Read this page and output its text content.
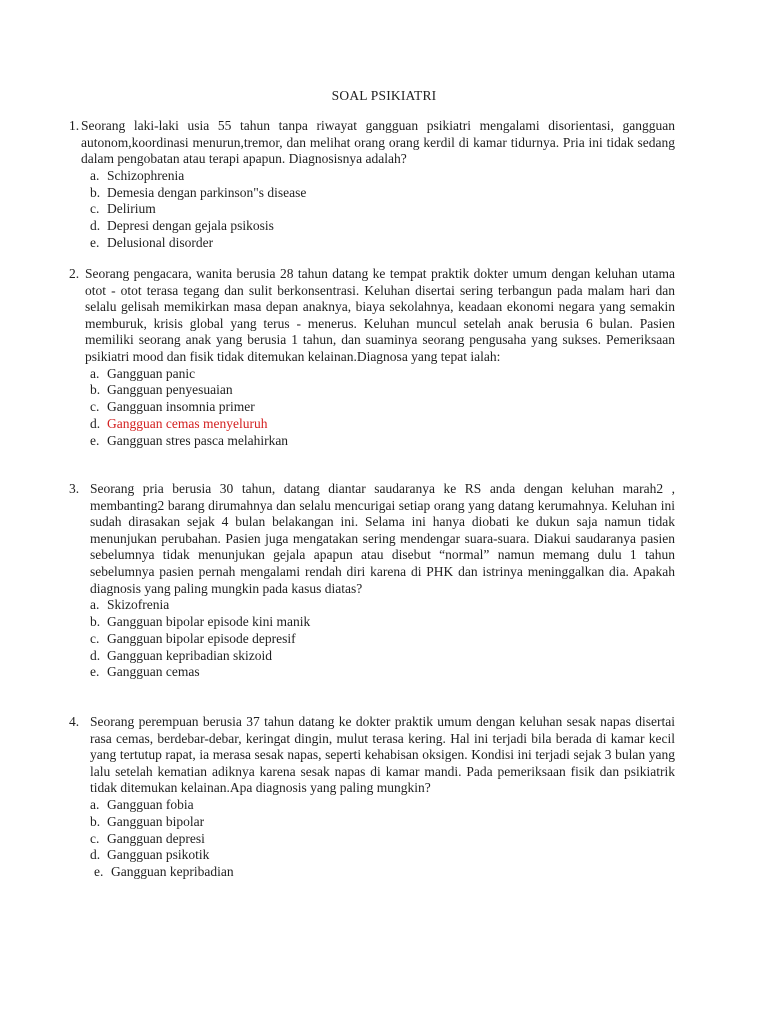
SOAL PSIKIATRI
1. Seorang laki-laki usia 55 tahun tanpa riwayat gangguan psikiatri mengalami disorientasi, gangguan autonom,koordinasi menurun,tremor, dan melihat orang orang kerdil di kamar tidurnya. Pria ini tidak sedang dalam pengobatan atau terapi apapun. Diagnosisnya adalah?
a. Schizophrenia
b. Demesia dengan parkinson"s disease
c. Delirium
d. Depresi dengan gejala psikosis
e. Delusional disorder
2. Seorang pengacara, wanita berusia 28 tahun datang ke tempat praktik dokter umum dengan keluhan utama otot - otot terasa tegang dan sulit berkonsentrasi. Keluhan disertai sering terbangun pada malam hari dan selalu gelisah memikirkan masa depan anaknya, biaya sekolahnya, keadaan ekonomi negara yang semakin memburuk, krisis global yang terus - menerus. Keluhan muncul setelah anak berusia 6 bulan. Pasien memiliki seorang anak yang berusia 1 tahun, dan suaminya seorang pengusaha yang sukses. Pemeriksaan psikiatri mood dan fisik tidak ditemukan kelainan.Diagnosa yang tepat ialah:
a. Gangguan panic
b. Gangguan penyesuaian
c. Gangguan insomnia primer
d. Gangguan cemas menyeluruh
e. Gangguan stres pasca melahirkan
3. Seorang pria berusia 30 tahun, datang diantar saudaranya ke RS anda dengan keluhan marah2 , membanting2 barang dirumahnya dan selalu mencurigai setiap orang yang datang kerumahnya. Keluhan ini sudah dirasakan sejak 4 bulan belakangan ini. Selama ini hanya diobati ke dukun saja namun tidak menunjukan perubahan. Pasien juga mengatakan sering mendengar suara-suara. Diakui saudaranya pasien sebelumnya tidak menunjukan gejala apapun atau disebut “normal” namun memang dulu 1 tahun sebelumnya pasien pernah mengalami rendah diri karena di PHK dan istrinya meninggalkan dia. Apakah diagnosis yang paling mungkin pada kasus diatas?
a. Skizofrenia
b. Gangguan bipolar episode kini manik
c. Gangguan bipolar episode depresif
d. Gangguan kepribadian skizoid
e. Gangguan cemas
4. Seorang perempuan berusia 37 tahun datang ke dokter praktik umum dengan keluhan sesak napas disertai rasa cemas, berdebar-debar, keringat dingin, mulut terasa kering. Hal ini terjadi bila berada di kamar kecil yang tertutup rapat, ia merasa sesak napas, seperti kehabisan oksigen. Kondisi ini terjadi sejak 3 bulan yang lalu setelah kematian adiknya karena sesak napas di kamar mandi. Pada pemeriksaan fisik dan psikiatrik tidak ditemukan kelainan.Apa diagnosis yang paling mungkin?
a. Gangguan fobia
b. Gangguan bipolar
c. Gangguan depresi
d. Gangguan psikotik
e. Gangguan kepribadian
